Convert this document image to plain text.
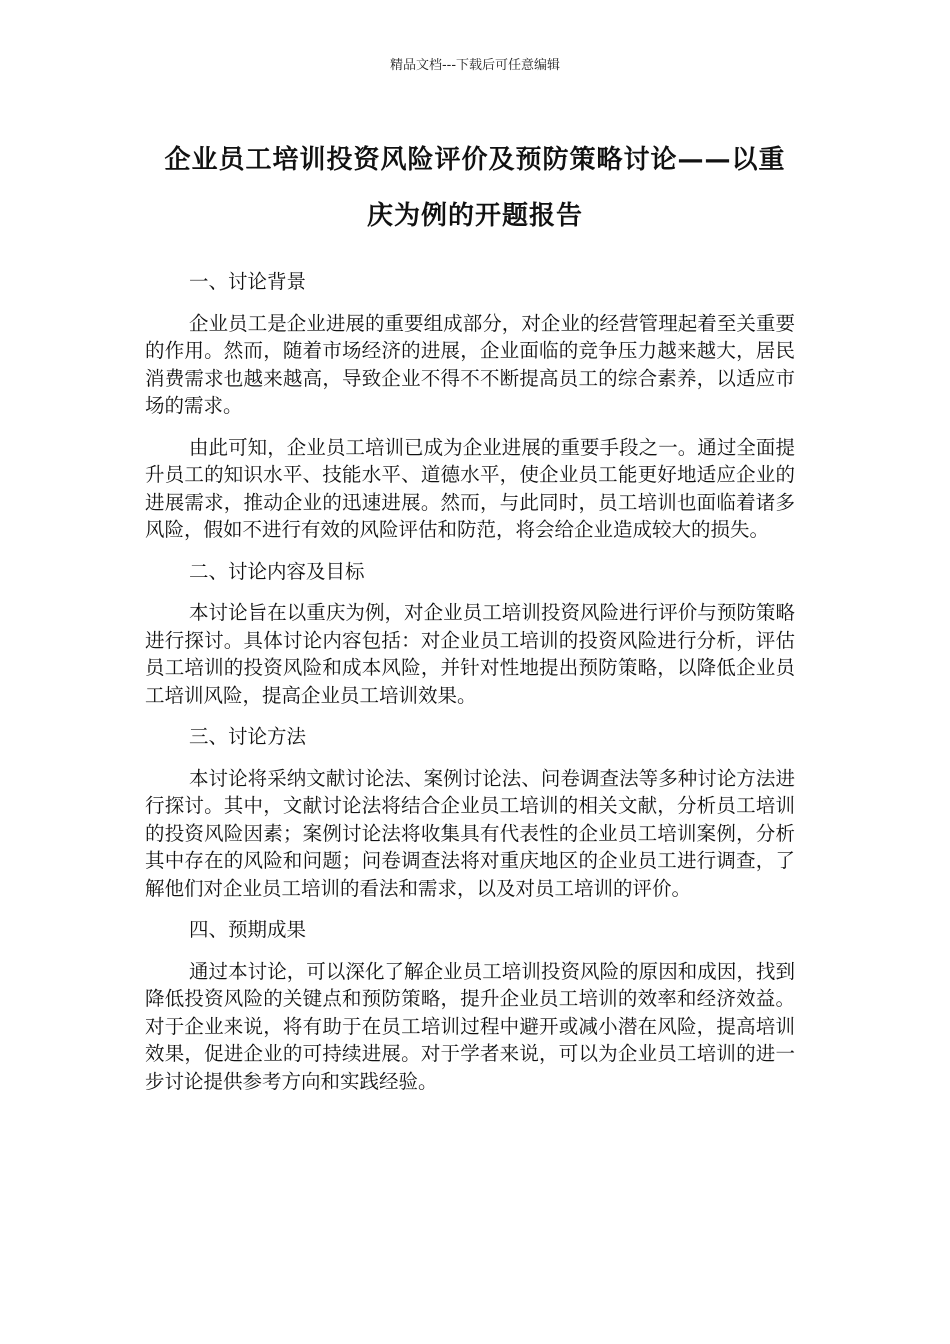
精品文档---下载后可任意编辑
企业员工培训投资风险评价及预防策略讨论——以重
庆为例的开题报告

一、讨论背景

企业员工是企业进展的重要组成部分，对企业的经营管理起着至关重要的作用。然而，随着市场经济的进展，企业面临的竞争压力越来越大，居民消费需求也越来越高，导致企业不得不不断提高员工的综合素养，以适应市场的需求。

由此可知，企业员工培训已成为企业进展的重要手段之一。通过全面提升员工的知识水平、技能水平、道德水平，使企业员工能更好地适应企业的进展需求，推动企业的迅速进展。然而，与此同时，员工培训也面临着诸多风险，假如不进行有效的风险评估和防范，将会给企业造成较大的损失。

二、讨论内容及目标

本讨论旨在以重庆为例，对企业员工培训投资风险进行评价与预防策略进行探讨。具体讨论内容包括：对企业员工培训的投资风险进行分析，评估员工培训的投资风险和成本风险，并针对性地提出预防策略，以降低企业员工培训风险，提高企业员工培训效果。

三、讨论方法

本讨论将采纳文献讨论法、案例讨论法、问卷调查法等多种讨论方法进行探讨。其中，文献讨论法将结合企业员工培训的相关文献，分析员工培训的投资风险因素；案例讨论法将收集具有代表性的企业员工培训案例，分析其中存在的风险和问题；问卷调查法将对重庆地区的企业员工进行调查，了解他们对企业员工培训的看法和需求，以及对员工培训的评价。

四、预期成果

通过本讨论，可以深化了解企业员工培训投资风险的原因和成因，找到降低投资风险的关键点和预防策略，提升企业员工培训的效率和经济效益。对于企业来说，将有助于在员工培训过程中避开或减小潜在风险，提高培训效果，促进企业的可持续进展。对于学者来说，可以为企业员工培训的进一步讨论提供参考方向和实践经验。
